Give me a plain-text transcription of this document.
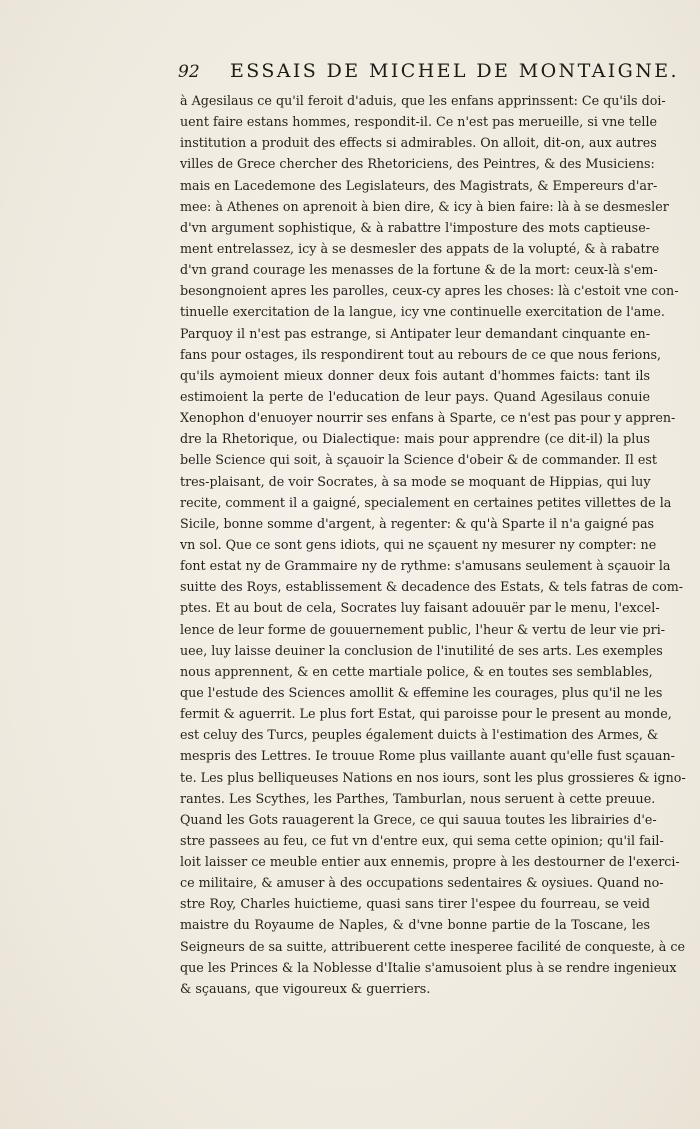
92 ESSAIS DE MICHEL DE MONTAIGNE.
à Agesilaus ce qu'il feroit d'aduis, que les enfans apprinssent: Ce qu'ils doi-
uent faire estans hommes, respondit-il. Ce n'est pas merueille, si vne telle
institution a produit des effects si admirables. On alloit, dit-on, aux autres
villes de Grece chercher des Rhetoriciens, des Peintres, & des Musiciens:
mais en Lacedemone des Legislateurs, des Magistrats, & Empereurs d'ar-
mee: à Athenes on aprenoit à bien dire, & icy à bien faire: là à se desmesler
d'vn argument sophistique, & à rabattre l'imposture des mots captieuse-
ment entrelassez, icy à se desmesler des appats de la volupté, & à rabatre
d'vn grand courage les menasses de la fortune & de la mort: ceux-là s'em-
besongnoient apres les parolles, ceux-cy apres les choses: là c'estoit vne con-
tinuelle exercitation de la langue, icy vne continuelle exercitation de l'ame.
Parquoy il n'est pas estrange, si Antipater leur demandant cinquante en-
fans pour ostages, ils respondirent tout au rebours de ce que nous ferions,
qu'ils aymoient mieux donner deux fois autant d'hommes faicts: tant ils
estimoient la perte de l'education de leur pays. Quand Agesilaus conuie
Xenophon d'enuoyer nourrir ses enfans à Sparte, ce n'est pas pour y appren-
dre la Rhetorique, ou Dialectique: mais pour apprendre (ce dit-il) la plus
belle Science qui soit, à sçauoir la Science d'obeir & de commander. Il est
tres-plaisant, de voir Socrates, à sa mode se moquant de Hippias, qui luy
recite, comment il a gaigné, specialement en certaines petites villettes de la
Sicile, bonne somme d'argent, à regenter: & qu'à Sparte il n'a gaigné pas
vn sol. Que ce sont gens idiots, qui ne sçauent ny mesurer ny compter: ne
font estat ny de Grammaire ny de rythme: s'amusans seulement à sçauoir la
suitte des Roys, establissement & decadence des Estats, & tels fatras de com-
ptes. Et au bout de cela, Socrates luy faisant adouuër par le menu, l'excel-
lence de leur forme de gouuernement public, l'heur & vertu de leur vie pri-
uee, luy laisse deuiner la conclusion de l'inutilité de ses arts. Les exemples
nous apprennent, & en cette martiale police, & en toutes ses semblables,
que l'estude des Sciences amollit & effemine les courages, plus qu'il ne les
fermit & aguerrit. Le plus fort Estat, qui paroisse pour le present au monde,
est celuy des Turcs, peuples également duicts à l'estimation des Armes, &
mespris des Lettres. Ie trouue Rome plus vaillante auant qu'elle fust sçauan-
te. Les plus belliqueuses Nations en nos iours, sont les plus grossieres & igno-
rantes. Les Scythes, les Parthes, Tamburlan, nous seruent à cette preuue.
Quand les Gots rauagerent la Grece, ce qui sauua toutes les librairies d'e-
stre passees au feu, ce fut vn d'entre eux, qui sema cette opinion; qu'il fail-
loit laisser ce meuble entier aux ennemis, propre à les destourner de l'exerci-
ce militaire, & amuser à des occupations sedentaires & oysiues. Quand no-
stre Roy, Charles huictieme, quasi sans tirer l'espee du fourreau, se veid
maistre du Royaume de Naples, & d'vne bonne partie de la Toscane, les
Seigneurs de sa suitte, attribuerent cette inesperee facilité de conqueste, à ce
que les Princes & la Noblesse d'Italie s'amusoient plus à se rendre ingenieux
& sçauans, que vigoureux & guerriers.
